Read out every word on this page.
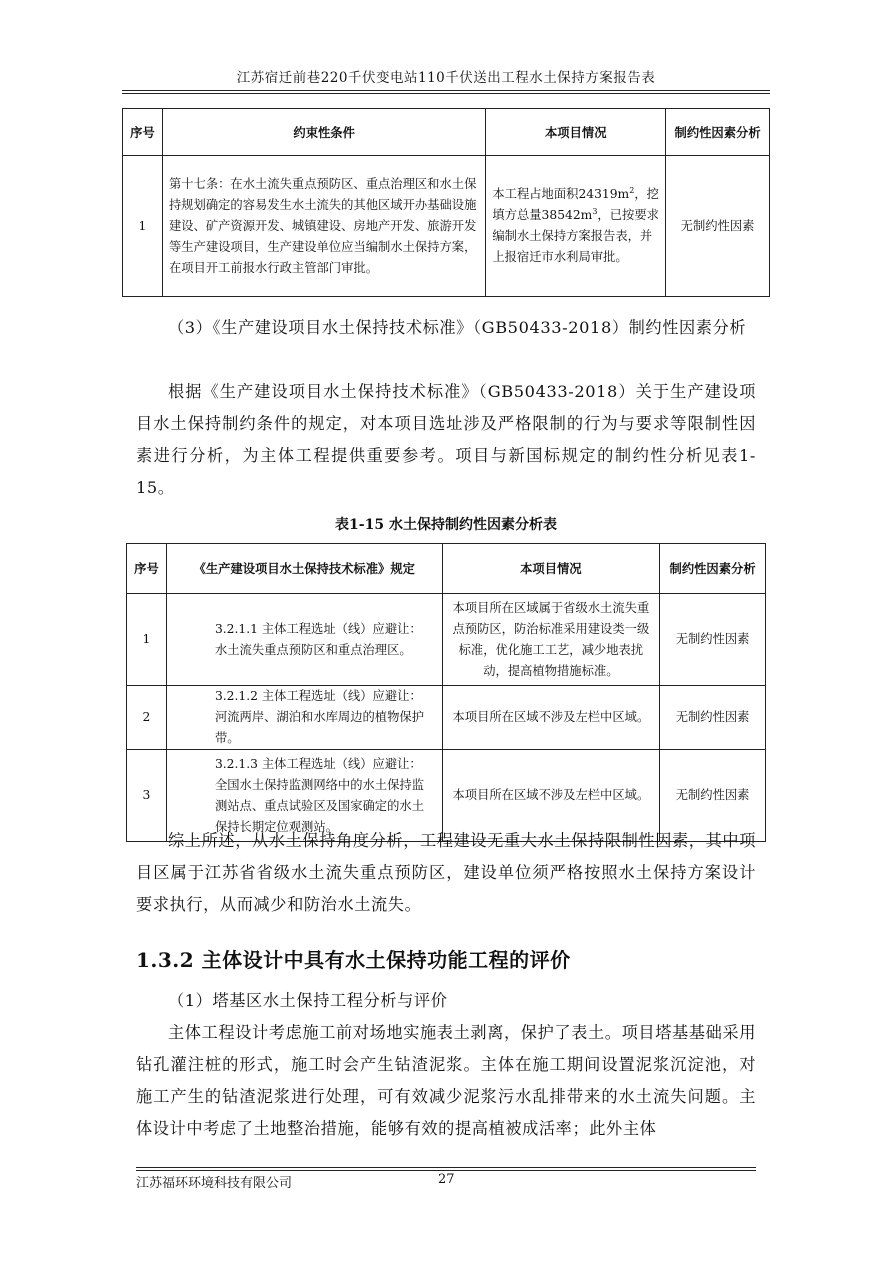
江苏宿迁前巷220千伏变电站110千伏送出工程水土保持方案报告表
序号	约束性条件	本项目情况	制约性因素分析
1	第十七条：在水土流失重点预防区、重点治理区和水土保持规划确定的容易发生水土流失的其他区域开办基础设施建设、矿产资源开发、城镇建设、房地产开发、旅游开发等生产建设项目，生产建设单位应当编制水土保持方案，在项目开工前报水行政主管部门审批。	本工程占地面积$24319m^2$，挖填方总量$38542m^3$，已按要求编制水土保持方案报告表，并上报宿迁市水利局审批。	无制约性因素
（3）《生产建设项目水土保持技术标准》（GB50433-2018）制约性因素分析
根据《生产建设项目水土保持技术标准》（GB50433-2018）关于生产建设项目水土保持制约条件的规定，对本项目选址涉及严格限制的行为与要求等限制性因素进行分析，为主体工程提供重要参考。项目与新国标规定的制约性分析见表1-15。
表1-15 水土保持制约性因素分析表
序号	《生产建设项目水土保持技术标准》规定	本项目情况	制约性因素分析
1	3.2.1.1 主体工程选址（线）应避让：水土流失重点预防区和重点治理区。	本项目所在区域属于省级水土流失重点预防区，防治标准采用建设类一级标准，优化施工工艺，减少地表扰动，提高植物措施标准。	无制约性因素
2	3.2.1.2 主体工程选址（线）应避让：河流两岸、湖泊和水库周边的植物保护带。	本项目所在区域不涉及左栏中区域。	无制约性因素
3	3.2.1.3 主体工程选址（线）应避让：全国水土保持监测网络中的水土保持监测站点、重点试验区及国家确定的水土保持长期定位观测站。	本项目所在区域不涉及左栏中区域。	无制约性因素
综上所述，从水土保持角度分析，工程建设无重大水土保持限制性因素，其中项目区属于江苏省省级水土流失重点预防区，建设单位须严格按照水土保持方案设计要求执行，从而减少和防治水土流失。
1.3.2 主体设计中具有水土保持功能工程的评价
（1）塔基区水土保持工程分析与评价
主体工程设计考虑施工前对场地实施表土剥离，保护了表土。项目塔基基础采用钻孔灌注桩的形式，施工时会产生钻渣泥浆。主体在施工期间设置泥浆沉淀池，对施工产生的钻渣泥浆进行处理，可有效减少泥浆污水乱排带来的水土流失问题。主体设计中考虑了土地整治措施，能够有效的提高植被成活率；此外主体
江苏福环环境科技有限公司	27
